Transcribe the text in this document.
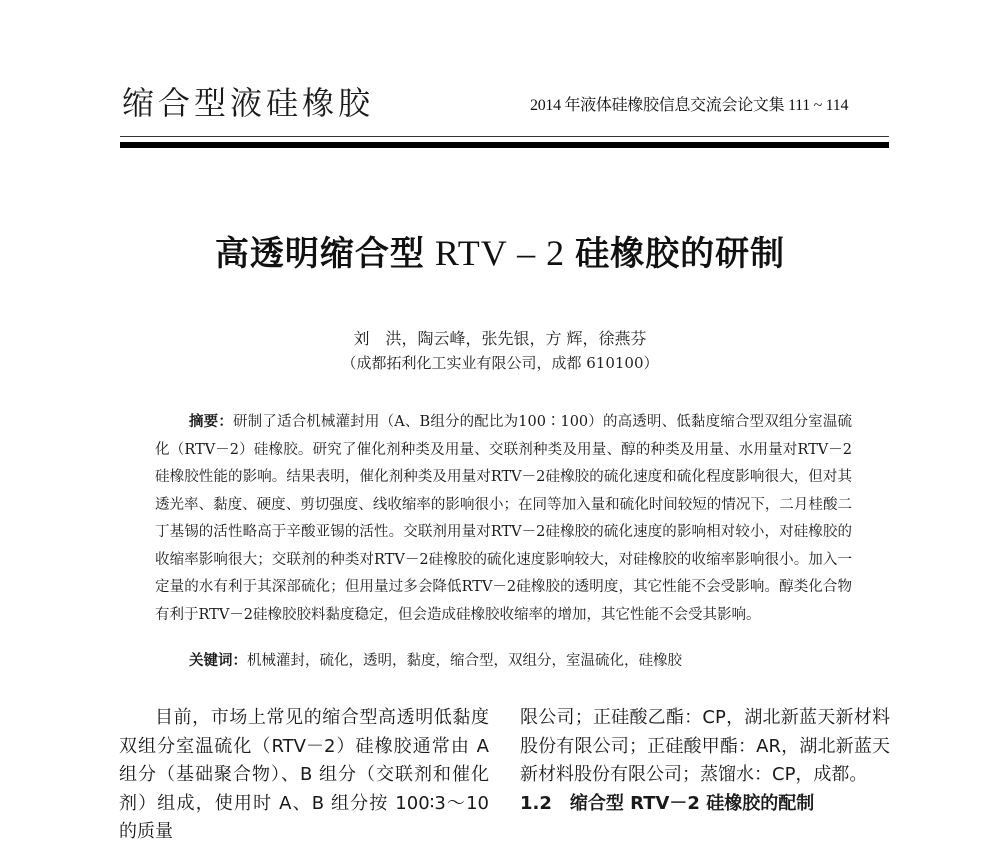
缩合型液硅橡胶	2014 年液体硅橡胶信息交流会论文集 111 ~ 114
高透明缩合型 RTV – 2 硅橡胶的研制
刘　洪，陶云峰，张先银，方 辉，徐燕芬
（成都拓利化工实业有限公司，成都 610100）
摘要：研制了适合机械灌封用（A、B组分的配比为100∶100）的高透明、低黏度缩合型双组分室温硫化（RTV－2）硅橡胶。研究了催化剂种类及用量、交联剂种类及用量、醇的种类及用量、水用量对RTV－2硅橡胶性能的影响。结果表明，催化剂种类及用量对RTV－2硅橡胶的硫化速度和硫化程度影响很大，但对其透光率、黏度、硬度、剪切强度、线收缩率的影响很小；在同等加入量和硫化时间较短的情况下，二月桂酸二丁基锡的活性略高于辛酸亚锡的活性。交联剂用量对RTV－2硅橡胶的硫化速度的影响相对较小，对硅橡胶的收缩率影响很大；交联剂的种类对RTV－2硅橡胶的硫化速度影响较大，对硅橡胶的收缩率影响很小。加入一定量的水有利于其深部硫化；但用量过多会降低RTV－2硅橡胶的透明度，其它性能不会受影响。醇类化合物有利于RTV－2硅橡胶胶料黏度稳定，但会造成硅橡胶收缩率的增加，其它性能不会受其影响。
关键词：机械灌封，硫化，透明，黏度，缩合型，双组分，室温硫化，硅橡胶
目前，市场上常见的缩合型高透明低黏度双组分室温硫化（RTV－2）硅橡胶通常由 A 组分（基础聚合物）、B 组分（交联剂和催化剂）组成，使用时 A、B 组分按 100∶3～10 的质量
限公司；正硅酸乙酯：CP，湖北新蓝天新材料股份有限公司；正硅酸甲酯：AR，湖北新蓝天新材料股份有限公司；蒸馏水：CP，成都。
1.2　缩合型 RTV－2 硅橡胶的配制
